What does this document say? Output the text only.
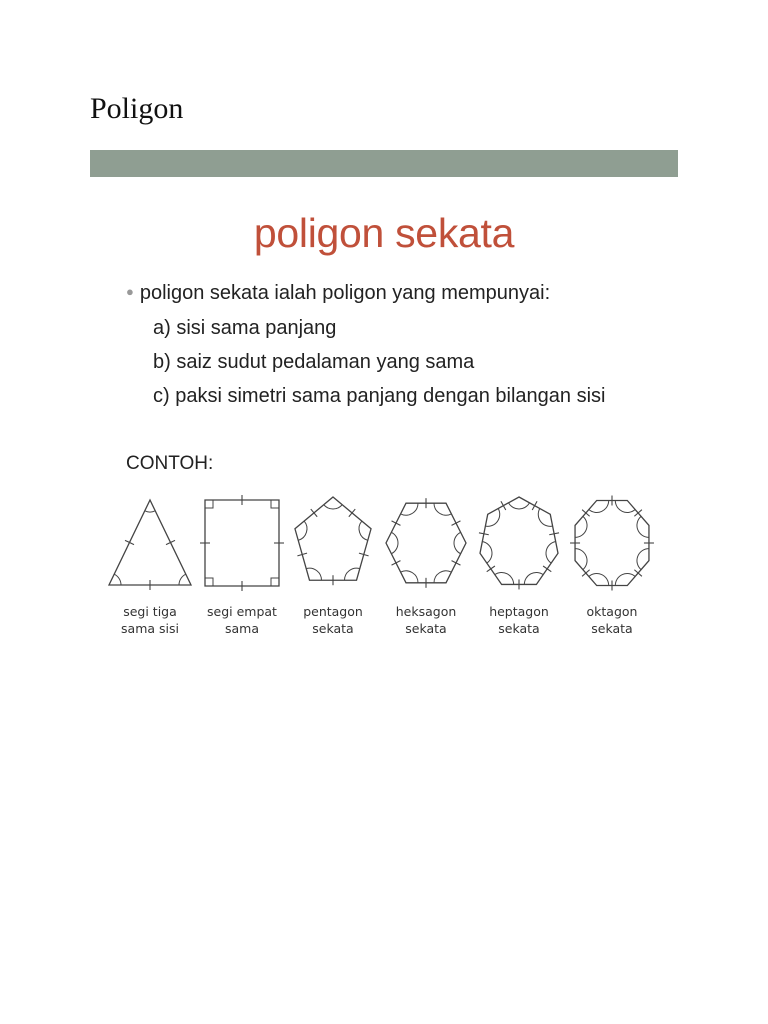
Poligon
poligon sekata
● poligon sekata ialah poligon yang mempunyai:
a) sisi sama panjang
b) saiz sudut pedalaman yang sama
c) paksi simetri sama panjang dengan bilangan sisi
CONTOH:
segi tiga
sama sisi
segi empat
sama
pentagon
sekata
heksagon
sekata
heptagon
sekata
oktagon
sekata
